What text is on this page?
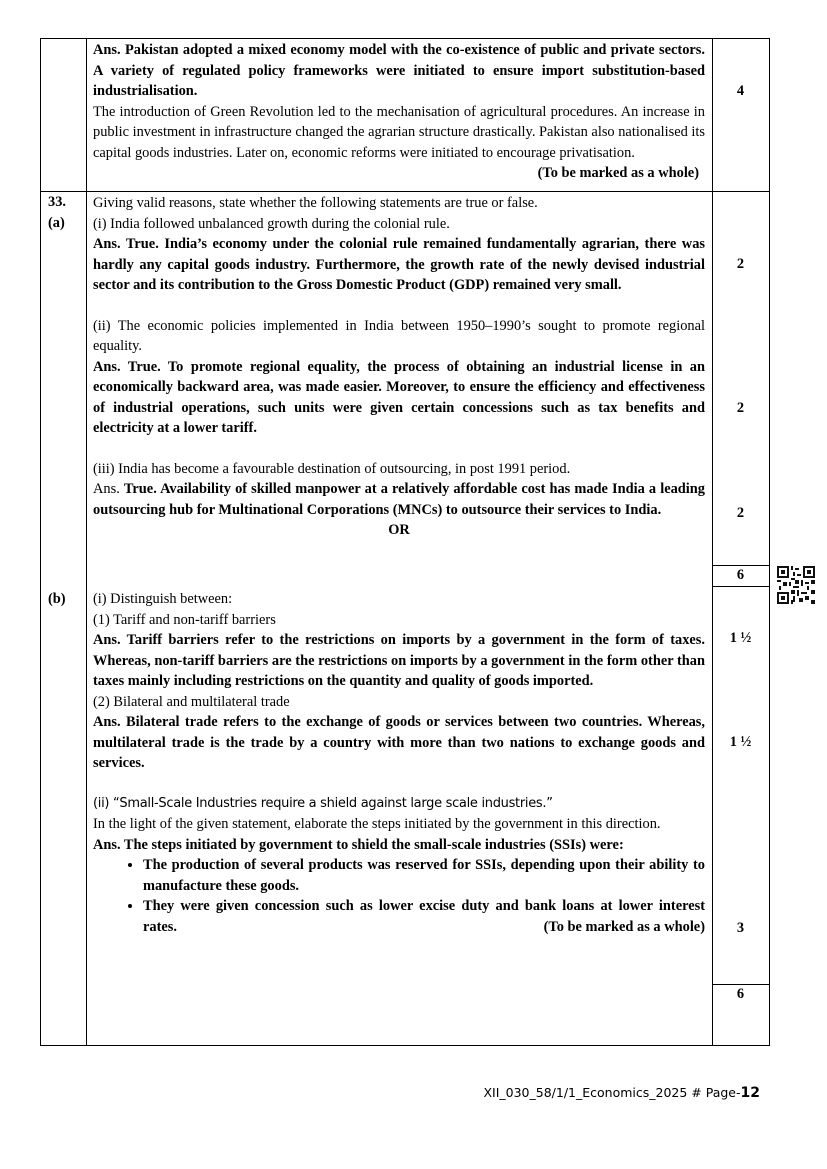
Ans. Pakistan adopted a mixed economy model with the co-existence of public and private sectors. A variety of regulated policy frameworks were initiated to ensure import substitution-based industrialisation.

The introduction of Green Revolution led to the mechanisation of agricultural procedures. An increase in public investment in infrastructure changed the agrarian structure drastically. Pakistan also nationalised its capital goods industries. Later on, economic reforms were initiated to encourage privatisation.

(To be marked as a whole)

4
33.
(a)
(b)

Giving valid reasons, state whether the following statements are true or false.

(i) India followed unbalanced growth during the colonial rule.

Ans. True. India’s economy under the colonial rule remained fundamentally agrarian, there was hardly any capital goods industry. Furthermore, the growth rate of the newly devised industrial sector and its contribution to the Gross Domestic Product (GDP) remained very small.

(ii) The economic policies implemented in India between 1950–1990’s sought to promote regional equality.

Ans. True. To promote regional equality, the process of obtaining an industrial license in an economically backward area, was made easier. Moreover, to ensure the efficiency and effectiveness of industrial operations, such units were given certain concessions such as tax benefits and electricity at a lower tariff.

(iii) India has become a favourable destination of outsourcing, in post 1991 period.

Ans. True. Availability of skilled manpower at a relatively affordable cost has made India a leading outsourcing hub for Multinational Corporations (MNCs) to outsource their services to India.

OR

2
2
2
6

(i) Distinguish between:

(1) Tariff and non-tariff barriers

Ans. Tariff barriers refer to the restrictions on imports by a government in the form of taxes. Whereas, non-tariff barriers are the restrictions on imports by a government in the form other than taxes mainly including restrictions on the quantity and quality of goods imported.

(2) Bilateral and multilateral trade

Ans. Bilateral trade refers to the exchange of goods or services between two countries. Whereas, multilateral trade is the trade by a country with more than two nations to exchange goods and services.

(ii) “Small-Scale Industries require a shield against large scale industries.”

In the light of the given statement, elaborate the steps initiated by the government in this direction.

Ans. The steps initiated by government to shield the small-scale industries (SSIs) were:

• The production of several products was reserved for SSIs, depending upon their ability to manufacture these goods.
• They were given concession such as lower excise duty and bank loans at lower interest rates.	(To be marked as a whole)
1 ½
1 ½
3
6
XII_030_58/1/1_Economics_2025 # Page-12
